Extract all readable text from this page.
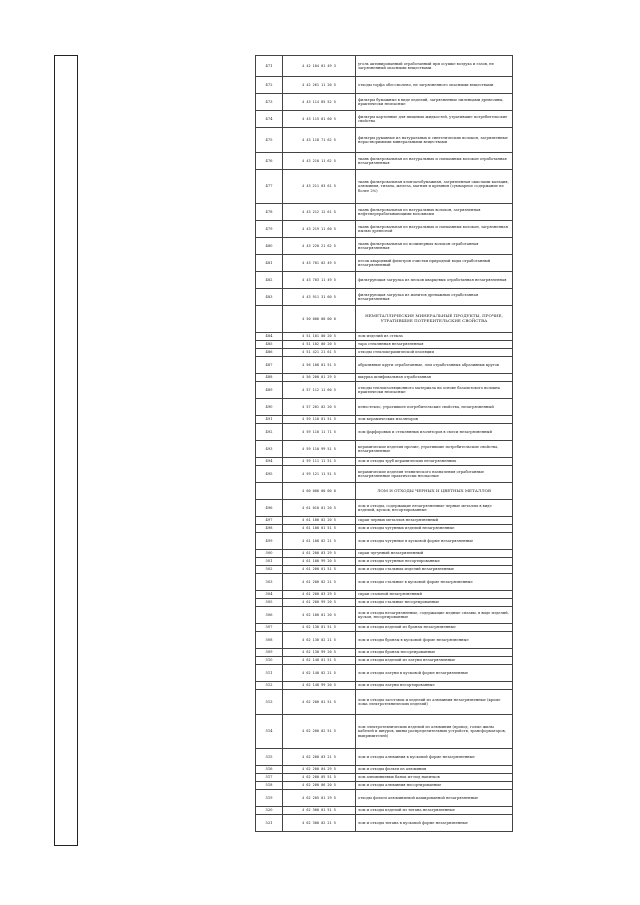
471	4 42 104 01 49 3	уголь активированный отработанный при осушке воздуха и газов, не загрязненный опасными веществами
472	4 42 261 11 20 5	отходы торфа обессмолено, не загрязненного опасными веществами
473	4 43 114 85 52 5	фильтры бумажные в виде изделий, загрязненные пиленцами древесины, практически неопасные
474	4 43 115 01 60 5	фильтры картонные для пищевых жидкостей, утратившие потребительские свойства
475	4 43 118 71 62 5	фильтры рукавные из натуральных и синтетических волокон, загрязненные нерастворимыми минеральными веществами
476	4 43 210 11 62 5	ткань фильтровальная из натуральных и смешанных волокон отработанная незагрязненная
477	4 43 211 03 61 5	ткань фильтровальная хлопчатобумажная, загрязненная окислами кальция, алюминия, титана, железа, магния и кремния (суммарное содержание не более 2%)
478	4 43 212 12 61 5	ткань фильтровальная из натуральных волокон, загрязненная нефтеперерабатывающими волокнами
479	4 43 219 11 60 5	ткань фильтровальная из натуральных и смешанных волокон, загрязненная пылью древесной
480	4 43 220 21 62 5	ткань фильтровальная из полимерных волокон отработанная незагрязненная
481	4 43 701 02 49 5	песок кварцевый фильтров очистки природной воды отработанный незагрязненный
482	4 43 703 11 49 5	фильтрующая загрузка из песков кварцевых отработанная незагрязненная
483	4 43 911 31 60 5	фильтрующая загрузка из ионитов дренажных отработанная незагрязненная
	4 50 000 00 00 0	НЕМЕТАЛЛИЧЕСКИЕ МИНЕРАЛЬНЫЕ ПРОДУКТЫ, ПРОЧИЕ, УТРАТИВШИЕ ПОТРЕБИТЕЛЬСКИЕ СВОЙСТВА
484	4 51 101 00 20 5	лом изделий из стекла
485	4 51 102 00 20 5	тара стеклянная незагрязненная
486	4 51 421 21 61 5	отходы стеклокерамической изоляции
487	4 56 100 01 51 5	абразивные круги отработанные, лом отработанных абразивных кругов
488	4 56 200 01 29 5	шкурка шлифовальная отработанная
489	4 57 112 11 60 5	отходы теплоизоляционного материала на основе базальтового волокна практически неопасные
490	4 57 201 02 20 5	пеностекло, утратившее потребительские свойства, незагрязненный
491	4 59 110 01 51 5	лом керамических изоляторов
492	4 59 110 11 71 5	лом фарфоровых и стеклянных изоляторов в смеси незагрязненный
493	4 59 110 99 51 5	керамические изделия прочие, утратившие потребительские свойства, незагрязненные
494	4 59 111 11 51 5	лом и отходы труб керамических незагрязненных
495	4 59 121 11 51 5	керамические изделия технического назначения отработанные незагрязненные практически неопасные
	4 60 000 00 00 0	ЛОМ И ОТХОДЫ ЧЕРНЫХ И ЦВЕТНЫХ МЕТАЛЛОВ
496	4 61 010 01 20 5	лом и отходы, содержащие незагрязненные черные металлы в виде изделий, кусков, несортированные
497	4 61 100 02 20 5	скрап черных металлов незагрязненный
498	4 61 100 01 51 5	лом и отходы чугунных изделий незагрязненные
499	4 61 100 02 21 5	лом и отходы чугунные в кусковой форме незагрязненные
500	4 61 200 03 29 5	скрап чугунный незагрязненный
501	4 61 100 99 20 5	лом и отходы чугунные несортированные
502	4 61 200 01 51 5	лом и отходы стальных изделий незагрязненные
503	4 61 200 02 21 5	лом и отходы стальные в кусковой форме незагрязненные
504	4 61 200 03 29 5	скрап стальной незагрязненный
505	4 61 200 99 20 5	лом и отходы стальные несортированные
506	4 62 100 01 20 5	лом и отходы незагрязненные, содержащие медные сплавы, в виде изделий, кусков, несортированные
507	4 62 130 01 51 5	лом и отходы изделий из бронзы незагрязненные
508	4 62 130 02 21 5	лом и отходы бронзы в кусковой форме незагрязненные
509	4 62 130 99 20 5	лом и отходы бронзы несортированные
510	4 62 140 01 51 5	лом и отходы изделий из латуни незагрязненные
511	4 62 140 02 21 5	лом и отходы латуни в кусковой форме незагрязненные
512	4 62 140 99 20 5	лом и отходы латуни несортированные
513	4 62 200 01 51 5	лом и отходы заготовок и изделий из алюминия незагрязненные (кроме лома электротехнических изделий)
514	4 62 200 02 51 5	лом электротехнических изделий из алюминия (провод, голые жилы кабелей и шнуров, шины распределительных устройств, трансформаторов, выпрямителей)
515	4 62 200 03 21 5	лом и отходы алюминия в кусковой форме незагрязненные
516	4 62 200 04 29 5	лом и отходы фольги из алюминия
517	4 62 200 05 51 5	лом алюминиевых банок из-под напитков
518	4 62 200 06 20 5	лом и отходы алюминия несортированные
519	4 62 205 01 29 5	отходы фольги алюминиевой кашированной незагрязненные
520	4 62 300 01 51 5	лом и отходы изделий из титана незагрязненные
521	4 62 300 02 21 5	лом и отходы титана в кусковой форме незагрязненные
